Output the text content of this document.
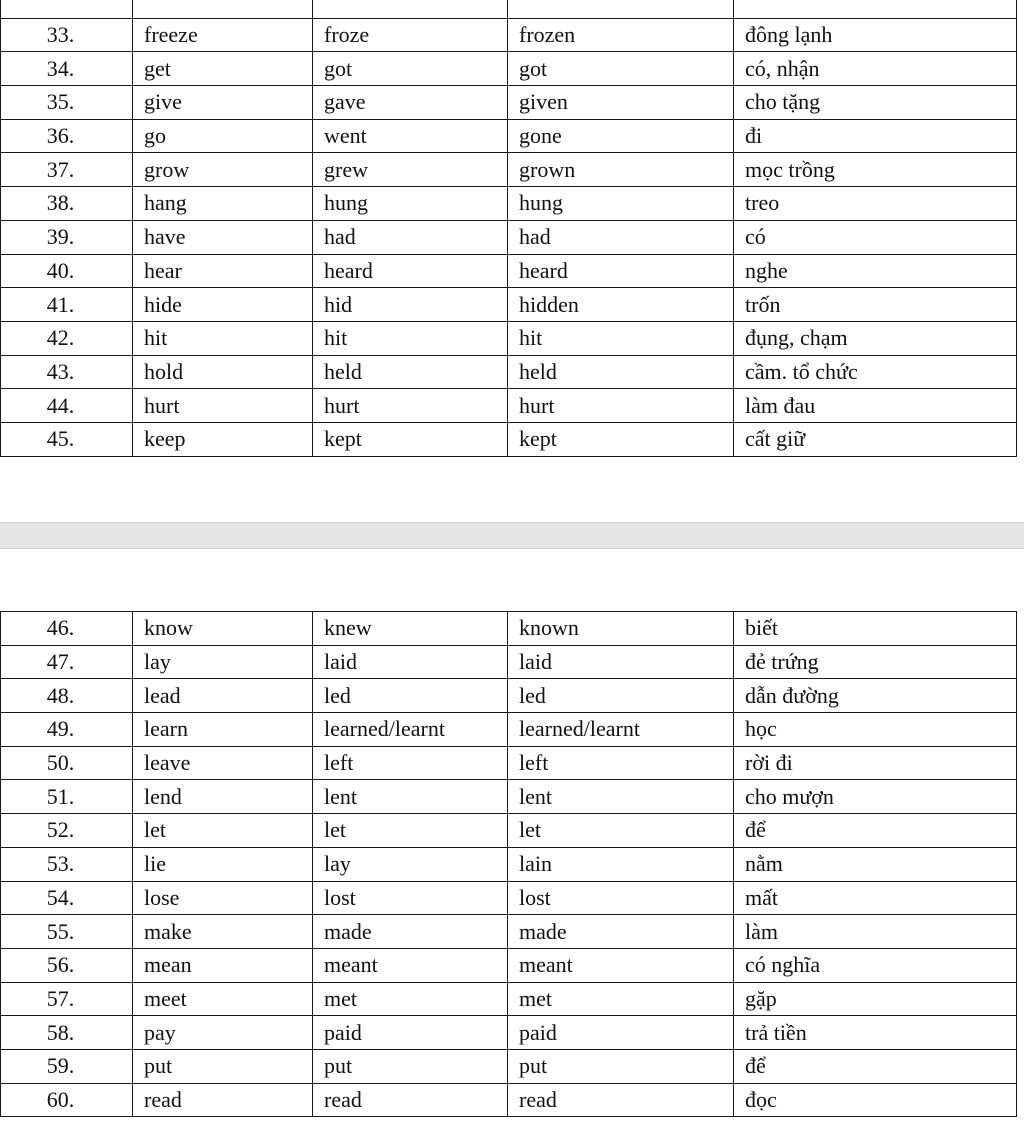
33.	freeze	froze	frozen	đông lạnh
34.	get	got	got	có, nhận
35.	give	gave	given	cho tặng
36.	go	went	gone	đi
37.	grow	grew	grown	mọc trồng
38.	hang	hung	hung	treo
39.	have	had	had	có
40.	hear	heard	heard	nghe
41.	hide	hid	hidden	trốn
42.	hit	hit	hit	đụng, chạm
43.	hold	held	held	cầm. tổ chức
44.	hurt	hurt	hurt	làm đau
45.	keep	kept	kept	cất giữ
46.	know	knew	known	biết
47.	lay	laid	laid	đẻ trứng
48.	lead	led	led	dẫn đường
49.	learn	learned/learnt	learned/learnt	học
50.	leave	left	left	rời đi
51.	lend	lent	lent	cho mượn
52.	let	let	let	để
53.	lie	lay	lain	nằm
54.	lose	lost	lost	mất
55.	make	made	made	làm
56.	mean	meant	meant	có nghĩa
57.	meet	met	met	gặp
58.	pay	paid	paid	trả tiền
59.	put	put	put	để
60.	read	read	read	đọc
